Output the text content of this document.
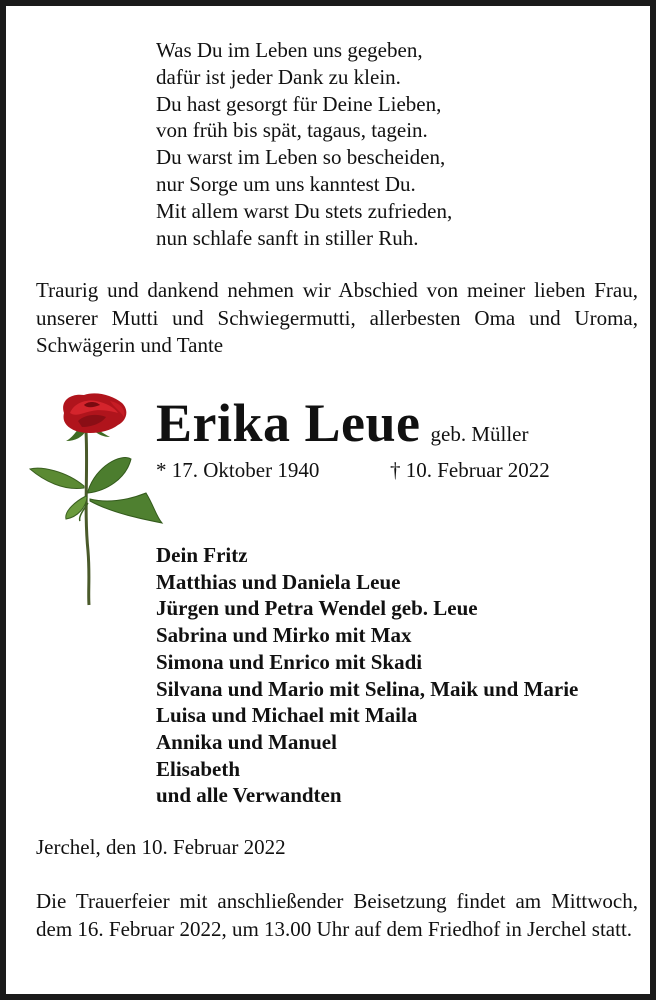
Was Du im Leben uns gegeben,
dafür ist jeder Dank zu klein.
Du hast gesorgt für Deine Lieben,
von früh bis spät, tagaus, tagein.
Du warst im Leben so bescheiden,
nur Sorge um uns kanntest Du.
Mit allem warst Du stets zufrieden,
nun schlafe sanft in stiller Ruh.
Traurig und dankend nehmen wir Abschied von meiner lieben Frau, unserer Mutti und Schwiegermutti, allerbesten Oma und Uroma, Schwägerin und Tante
Erika Leue geb. Müller
* 17. Oktober 1940	† 10. Februar 2022
Dein Fritz
Matthias und Daniela Leue
Jürgen und Petra Wendel geb. Leue
Sabrina und Mirko mit Max
Simona und Enrico mit Skadi
Silvana und Mario mit Selina, Maik und Marie
Luisa und Michael mit Maila
Annika und Manuel
Elisabeth
und alle Verwandten
Jerchel, den 10. Februar 2022
Die Trauerfeier mit anschließender Beisetzung findet am Mittwoch, dem 16. Februar 2022, um 13.00 Uhr auf dem Friedhof in Jerchel statt.
